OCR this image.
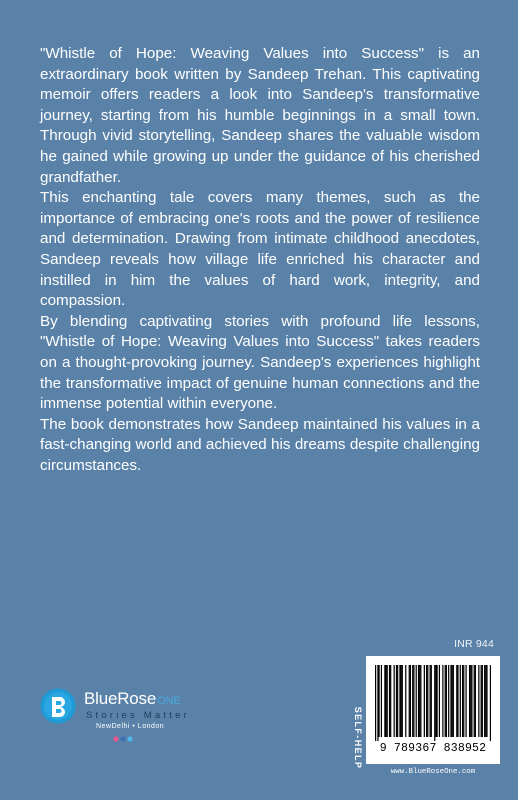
"Whistle of Hope: Weaving Values into Success" is an extraordinary book written by Sandeep Trehan. This captivating memoir offers readers a look into Sandeep's transformative journey, starting from his humble beginnings in a small town. Through vivid storytelling, Sandeep shares the valuable wisdom he gained while growing up under the guidance of his cherished grandfather.

This enchanting tale covers many themes, such as the importance of embracing one's roots and the power of resilience and determination. Drawing from intimate childhood anecdotes, Sandeep reveals how village life enriched his character and instilled in him the values of hard work, integrity, and compassion.

By blending captivating stories with profound life lessons, "Whistle of Hope: Weaving Values into Success" takes readers on a thought-provoking journey. Sandeep's experiences highlight the transformative impact of genuine human connections and the immense potential within everyone.

The book demonstrates how Sandeep maintained his values in a fast-changing world and achieved his dreams despite challenging circumstances.

INR 944
SELF-HELP	9 789367 838952
www.BlueRoseOne.com
BlueRoseONE
Stories Matter
NewDelhi • London
